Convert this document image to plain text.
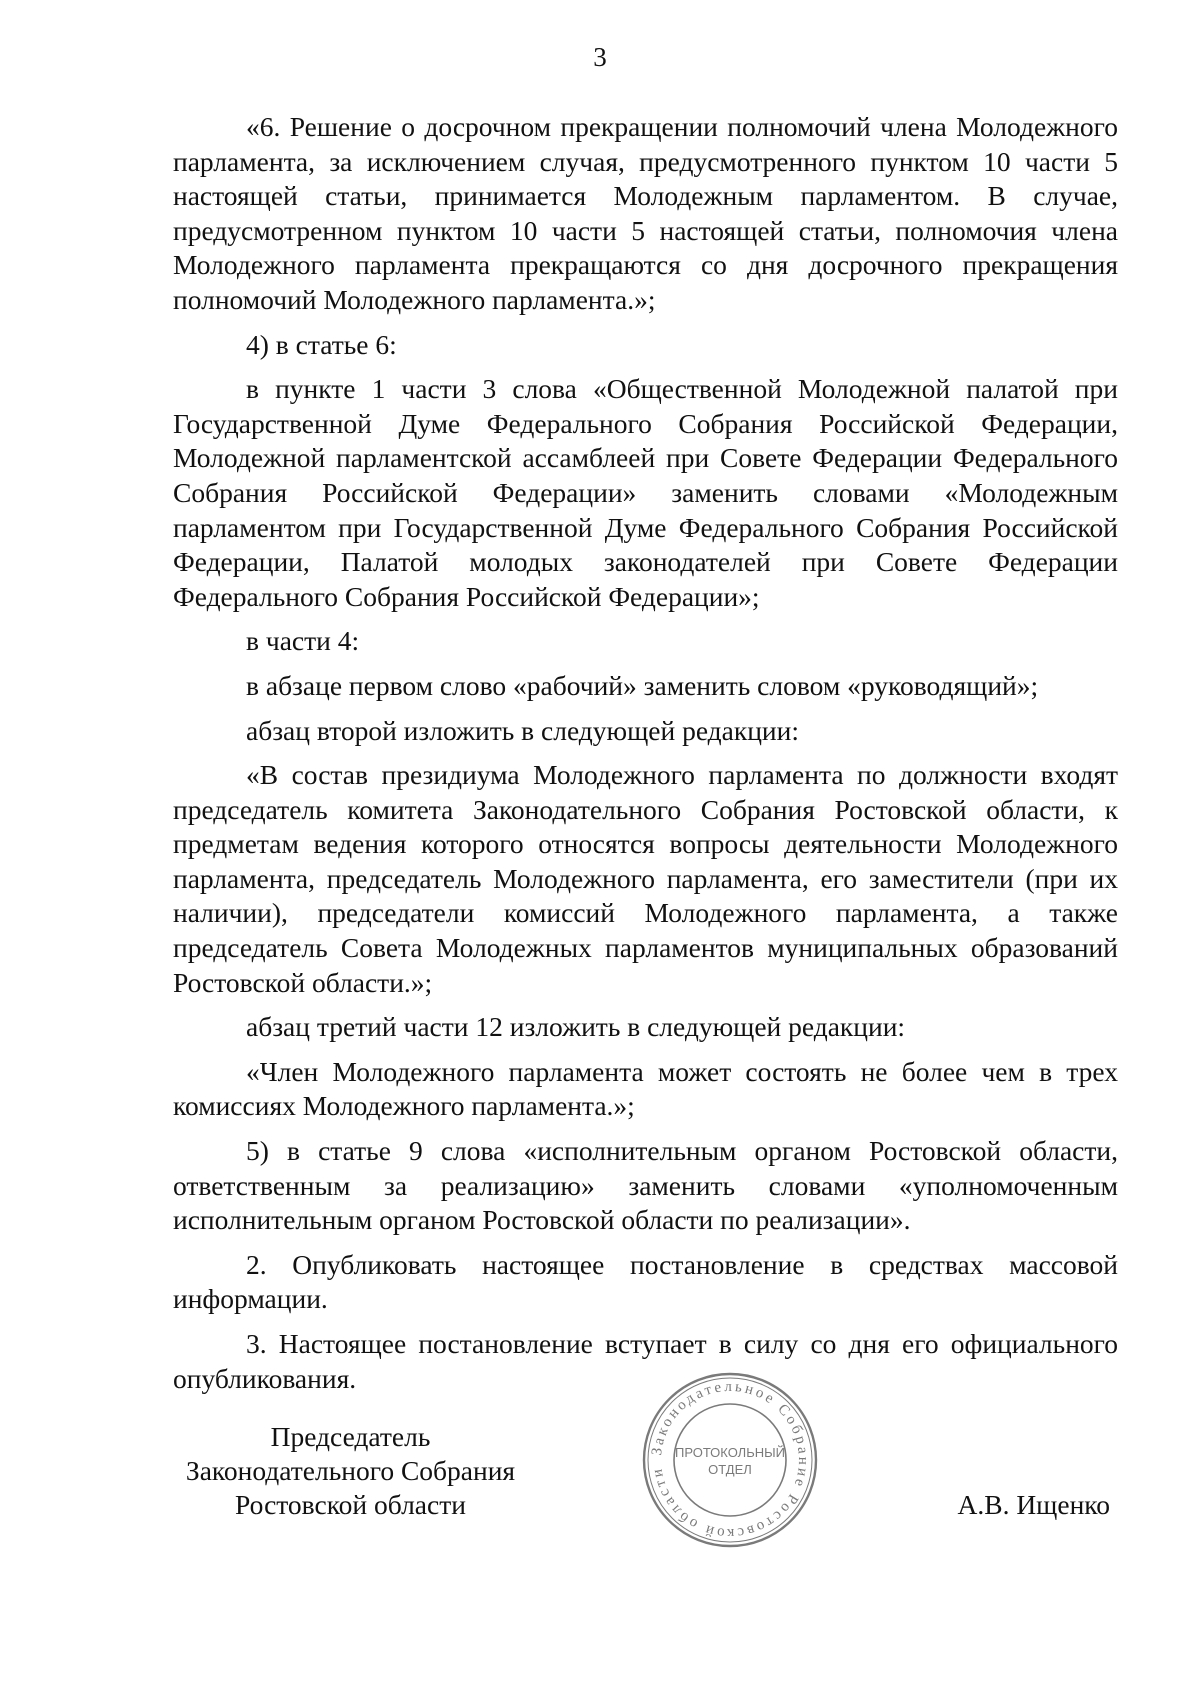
3

«6. Решение о досрочном прекращении полномочий члена Молодежного парламента, за исключением случая, предусмотренного пунктом 10 части 5 настоящей статьи, принимается Молодежным парламентом. В случае, предусмотренном пунктом 10 части 5 настоящей статьи, полномочия члена Молодежного парламента прекращаются со дня досрочного прекращения полномочий Молодежного парламента.»;

4) в статье 6:

в пункте 1 части 3 слова «Общественной Молодежной палатой при Государственной Думе Федерального Собрания Российской Федерации, Молодежной парламентской ассамблеей при Совете Федерации Федерального Собрания Российской Федерации» заменить словами «Молодежным парламентом при Государственной Думе Федерального Собрания Российской Федерации, Палатой молодых законодателей при Совете Федерации Федерального Собрания Российской Федерации»;

в части 4:

в абзаце первом слово «рабочий» заменить словом «руководящий»;

абзац второй изложить в следующей редакции:

«В состав президиума Молодежного парламента по должности входят председатель комитета Законодательного Собрания Ростовской области, к предметам ведения которого относятся вопросы деятельности Молодежного парламента, председатель Молодежного парламента, его заместители (при их наличии), председатели комиссий Молодежного парламента, а также председатель Совета Молодежных парламентов муниципальных образований Ростовской области.»;

абзац третий части 12 изложить в следующей редакции:

«Член Молодежного парламента может состоять не более чем в трех комиссиях Молодежного парламента.»;

5) в статье 9 слова «исполнительным органом Ростовской области, ответственным за реализацию» заменить словами «уполномоченным исполнительным органом Ростовской области по реализации».

2. Опубликовать настоящее постановление в средствах массовой информации.

3. Настоящее постановление вступает в силу со дня его официального опубликования.

Председатель
Законодательного Собрания
Ростовской области
Законодательное Собрание Ростовской области
ПРОТОКОЛЬНЫЙ
ОТДЕЛ
А.В. Ищенко
